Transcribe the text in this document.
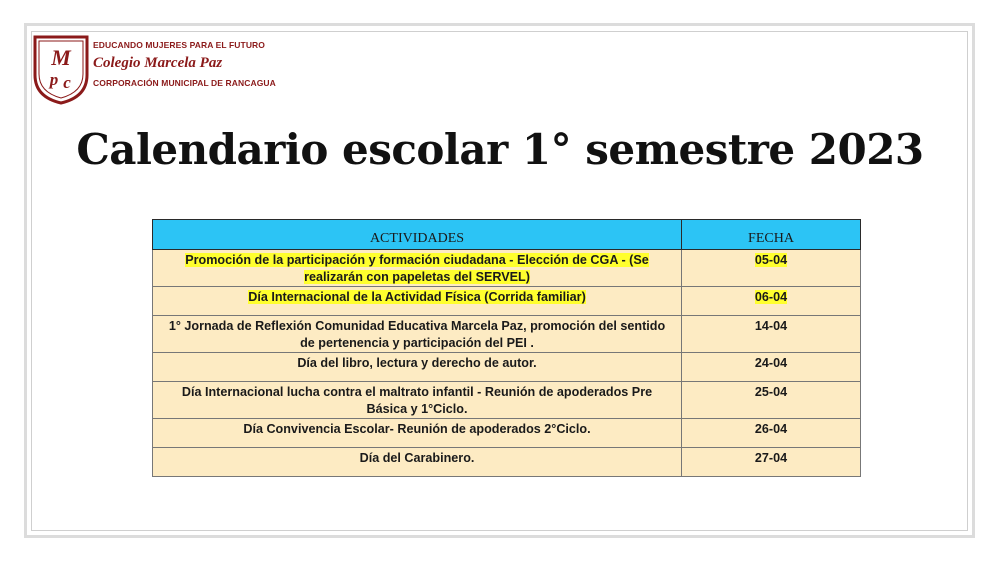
M
p c
EDUCANDO MUJERES PARA EL FUTURO
Colegio Marcela Paz
CORPORACIÓN MUNICIPAL DE RANCAGUA
Calendario escolar 1° semestre 2023
ACTIVIDADES	FECHA
Promoción de la participación y formación ciudadana - Elección de CGA - (Se realizarán con papeletas del SERVEL)	05-04
Día Internacional de la Actividad Física (Corrida familiar)	06-04
1° Jornada de Reflexión Comunidad Educativa Marcela Paz, promoción del sentido de pertenencia y participación del PEI .	14-04
Día del libro, lectura y derecho de autor.	24-04
Día Internacional lucha contra el maltrato infantil - Reunión de apoderados Pre Básica y 1°Ciclo.	25-04
Día Convivencia Escolar- Reunión de apoderados 2°Ciclo.	26-04
Día del Carabinero.	27-04
